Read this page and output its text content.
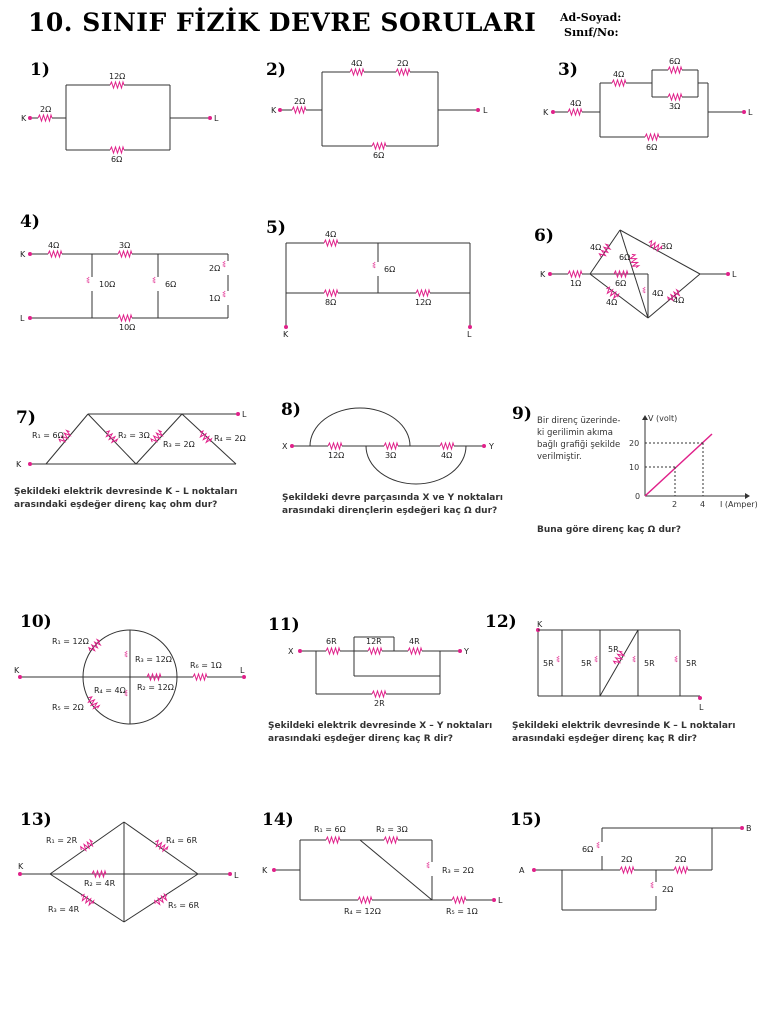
10. SINIF FİZİK DEVRE SORULARI Ad-Soyad:
Sınıf/No:
1)	2)	3)
4)	5)	6)
7)	8)	9)
10)	11)	12)
13)	14)	15)
K	L
2Ω
12Ω
6Ω
K	L
2Ω
4Ω	2Ω
6Ω
K	L
4Ω
4Ω
6Ω
3Ω
6Ω
K
L
4Ω	3Ω
10Ω	6Ω
2Ω
1Ω
10Ω
K	L
4Ω
6Ω
8Ω	12Ω
K	L
1Ω
4Ω
6Ω
3Ω
6Ω
4Ω
4Ω	4Ω
K
L
R₁ = 6Ω	R₂ = 3Ω
R₃ = 2Ω
R₄ = 2Ω
X	Y
12Ω	3Ω	4Ω
V (volt)
I (Amper)
20
10
0
2	4
K	L
R₁ = 12Ω
R₃ = 12Ω
R₆ = 1Ω
R₄ = 4Ω R₂ = 12Ω
R₅ = 2Ω
X	Y
6R	12R	4R
2R
K
L
5R	5R
5R
5R	5R
K
L
R₁ = 2R	R₄ = 6R
R₂ = 4R
R₃ = 4R	R₅ = 6R
K
L
R₁ = 6Ω	R₂ = 3Ω
R₃ = 2Ω
R₄ = 12Ω	R₅ = 1Ω
A
B
6Ω
2Ω	2Ω
2Ω
Şekildeki elektrik devresinde K – L noktaları
arasındaki eşdeğer direnç kaç ohm dur?
Şekildeki devre parçasında X ve Y noktaları
arasındaki dirençlerin eşdeğeri kaç Ω dur?
Bir direnç üzerinde-
ki gerilimin akıma
bağlı grafiği şekilde
verilmiştir.
Buna göre direnç kaç Ω dur?
Şekildeki elektrik devresinde X – Y noktaları
arasındaki eşdeğer direnç kaç R dir?
Şekildeki elektrik devresinde K – L noktaları
arasındaki eşdeğer direnç kaç R dir?
